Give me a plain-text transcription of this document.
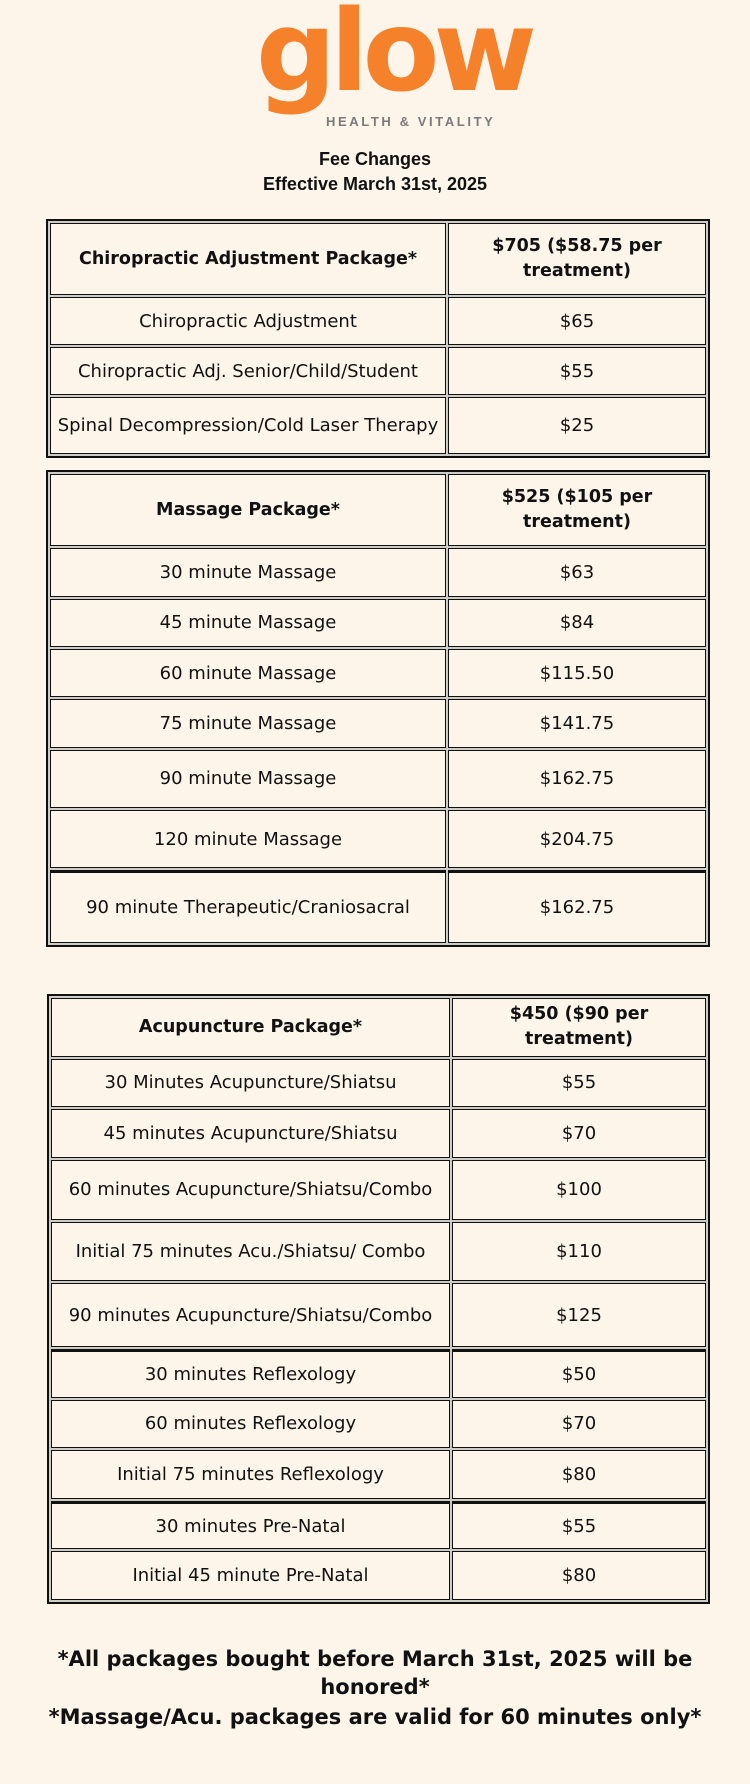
glow
HEALTH & VITALITY
Fee Changes
Effective March 31st, 2025
Chiropractic Adjustment Package*	$705 ($58.75 per treatment)
Chiropractic Adjustment	$65
Chiropractic Adj. Senior/Child/Student	$55
Spinal Decompression/Cold Laser Therapy	$25
Massage Package*	$525 ($105 per treatment)
30 minute Massage	$63
45 minute Massage	$84
60 minute Massage	$115.50
75 minute Massage	$141.75
90 minute Massage	$162.75
120 minute Massage	$204.75
90 minute Therapeutic/Craniosacral	$162.75
Acupuncture Package*	$450 ($90 per treatment)
30 Minutes Acupuncture/Shiatsu	$55
45 minutes Acupuncture/Shiatsu	$70
60 minutes Acupuncture/Shiatsu/Combo	$100
Initial 75 minutes Acu./Shiatsu/ Combo	$110
90 minutes Acupuncture/Shiatsu/Combo	$125
30 minutes Reflexology	$50
60 minutes Reflexology	$70
Initial 75 minutes Reflexology	$80
30 minutes Pre-Natal	$55
Initial 45 minute Pre-Natal	$80
*All packages bought before March 31st, 2025 will be honored*
*Massage/Acu. packages are valid for 60 minutes only*
